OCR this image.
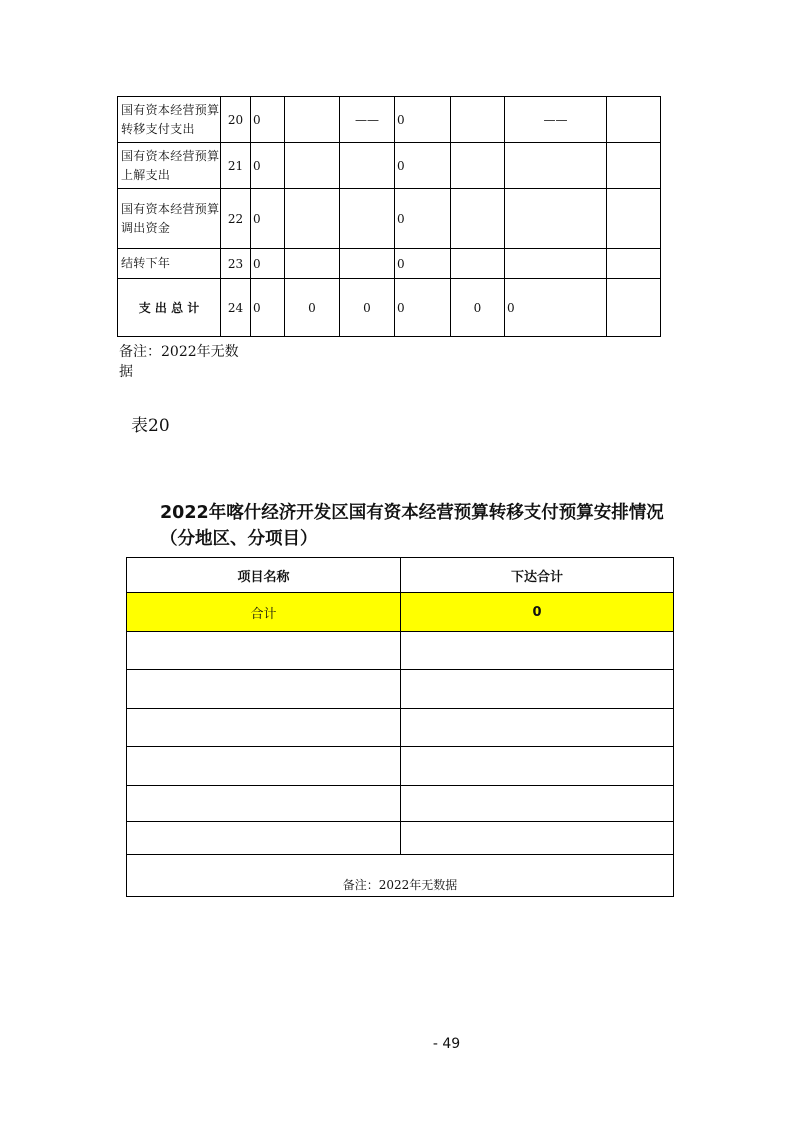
国有资本经营预算转移支付支出	20	0		——	0		——	
国有资本经营预算上解支出	21	0			0			
国有资本经营预算调出资金	22	0			0			
结转下年	23	0			0			
支 出 总 计	24	0	0	0	0	0	0	
备注：2022年无数据
表20
2022年喀什经济开发区国有资本经营预算转移支付预算安排情况（分地区、分项目）
项目名称	下达合计
合计	0

备注：2022年无数据	
- 49
